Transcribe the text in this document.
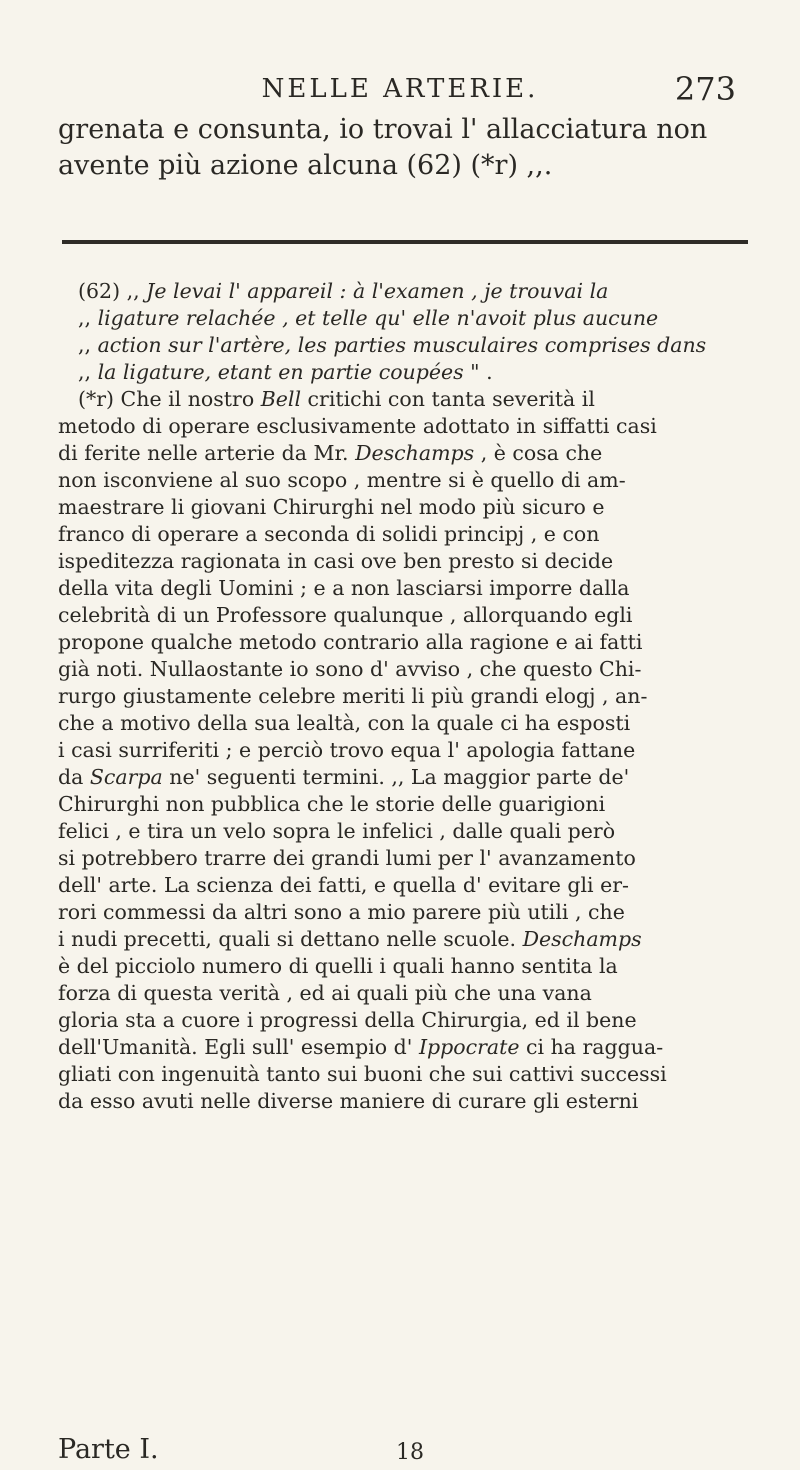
NELLE ARTERIE.	273

grenata e consunta, io trovai l' allacciatura non

avente più azione alcuna (62) (*r) ,,.

(62) ,, Je levai l' appareil : à l'examen , je trouvai la
,, ligature relachée , et telle qu' elle n'avoit plus aucune
,, action sur l'artère, les parties musculaires comprises dans
,, la ligature, etant en partie coupées " .
(*r) Che il nostro Bell critichi con tanta severità il
metodo di operare esclusivamente adottato in siffatti casi
di ferite nelle arterie da Mr. Deschamps , è cosa che
non isconviene al suo scopo , mentre si è quello di am-
maestrare li giovani Chirurghi nel modo più sicuro e
franco di operare a seconda di solidi principj , e con
ispeditezza ragionata in casi ove ben presto si decide
della vita degli Uomini ; e a non lasciarsi imporre dalla
celebrità di un Professore qualunque , allorquando egli
propone qualche metodo contrario alla ragione e ai fatti
già noti. Nullaostante io sono d' avviso , che questo Chi-
rurgo giustamente celebre meriti li più grandi elogj , an-
che a motivo della sua lealtà, con la quale ci ha esposti
i casi surriferiti ; e perciò trovo equa l' apologia fattane
da Scarpa ne' seguenti termini. ,, La maggior parte de'
Chirurghi non pubblica che le storie delle guarigioni
felici , e tira un velo sopra le infelici , dalle quali però
si potrebbero trarre dei grandi lumi per l' avanzamento
dell' arte. La scienza dei fatti, e quella d' evitare gli er-
rori commessi da altri sono a mio parere più utili , che
i nudi precetti, quali si dettano nelle scuole. Deschamps
è del picciolo numero di quelli i quali hanno sentita la
forza di questa verità , ed ai quali più che una vana
gloria sta a cuore i progressi della Chirurgia, ed il bene
dell'Umanità. Egli sull' esempio d' Ippocrate ci ha ragguа-
gliati con ingenuità tanto sui buoni che sui cattivi successi
da esso avuti nelle diverse maniere di curare gli esterni
Parte I.	18
